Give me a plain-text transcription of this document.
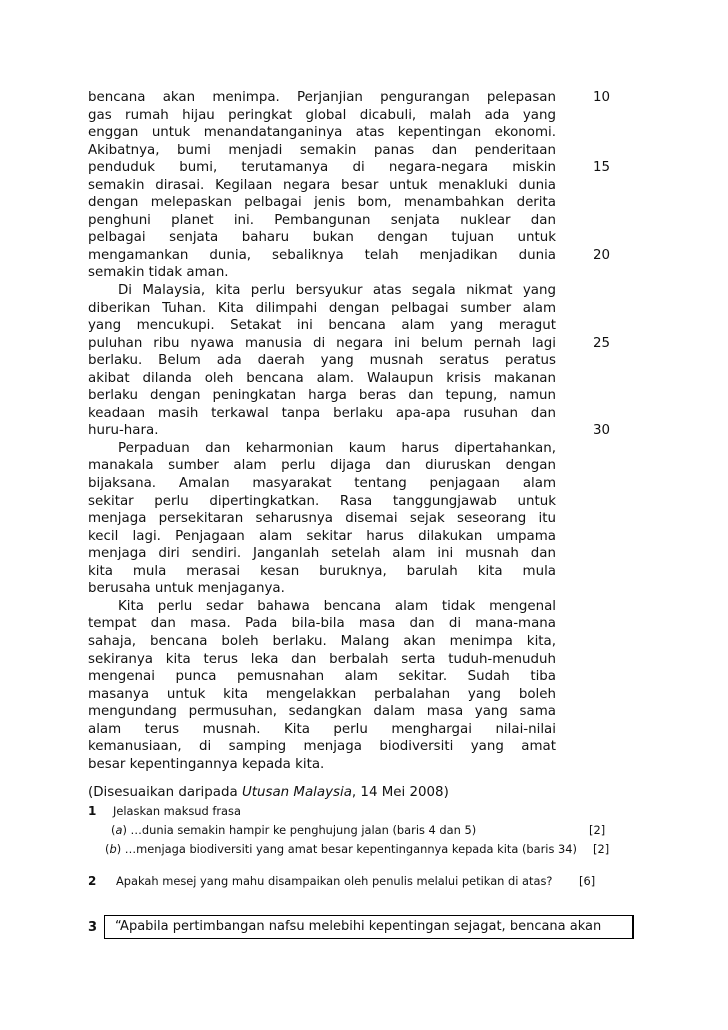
bencana akan menimpa. Perjanjian pengurangan pelepasan
gas rumah hijau peringkat global dicabuli, malah ada yang
enggan untuk menandatanganinya atas kepentingan ekonomi.
Akibatnya, bumi menjadi semakin panas dan penderitaan
penduduk bumi, terutamanya di negara-negara miskin
semakin dirasai. Kegilaan negara besar untuk menakluki dunia
dengan melepaskan pelbagai jenis bom, menambahkan derita
penghuni planet ini. Pembangunan senjata nuklear dan
pelbagai senjata baharu bukan dengan tujuan untuk
mengamankan dunia, sebaliknya telah menjadikan dunia
semakin tidak aman.
Di Malaysia, kita perlu bersyukur atas segala nikmat yang
diberikan Tuhan. Kita dilimpahi dengan pelbagai sumber alam
yang mencukupi. Setakat ini bencana alam yang meragut
puluhan ribu nyawa manusia di negara ini belum pernah lagi
berlaku. Belum ada daerah yang musnah seratus peratus
akibat dilanda oleh bencana alam. Walaupun krisis makanan
berlaku dengan peningkatan harga beras dan tepung, namun
keadaan masih terkawal tanpa berlaku apa-apa rusuhan dan
huru-hara.
Perpaduan dan keharmonian kaum harus dipertahankan,
manakala sumber alam perlu dijaga dan diuruskan dengan
bijaksana. Amalan masyarakat tentang penjagaan alam
sekitar perlu dipertingkatkan. Rasa tanggungjawab untuk
menjaga persekitaran seharusnya disemai sejak seseorang itu
kecil lagi. Penjagaan alam sekitar harus dilakukan umpama
menjaga diri sendiri. Janganlah setelah alam ini musnah dan
kita mula merasai kesan buruknya, barulah kita mula
berusaha untuk menjaganya.
Kita perlu sedar bahawa bencana alam tidak mengenal
tempat dan masa. Pada bila-bila masa dan di mana-mana
sahaja, bencana boleh berlaku. Malang akan menimpa kita,
sekiranya kita terus leka dan berbalah serta tuduh-menuduh
mengenai punca pemusnahan alam sekitar. Sudah tiba
masanya untuk kita mengelakkan perbalahan yang boleh
mengundang permusuhan, sedangkan dalam masa yang sama
alam terus musnah. Kita perlu menghargai nilai-nilai
kemanusiaan, di samping menjaga biodiversiti yang amat
besar kepentingannya kepada kita.
10
15
20
25
30
(Disesuaikan daripada Utusan Malaysia, 14 Mei 2008)
1 Jelaskan maksud frasa
(a) …dunia semakin hampir ke penghujung jalan (baris 4 dan 5)	[2]
(b) …menjaga biodiversiti yang amat besar kepentingannya kepada kita (baris 34) [2]
2 Apakah mesej yang mahu disampaikan oleh penulis melalui petikan di atas? [6]
3	“Apabila pertimbangan nafsu melebihi kepentingan sejagat, bencana akan
